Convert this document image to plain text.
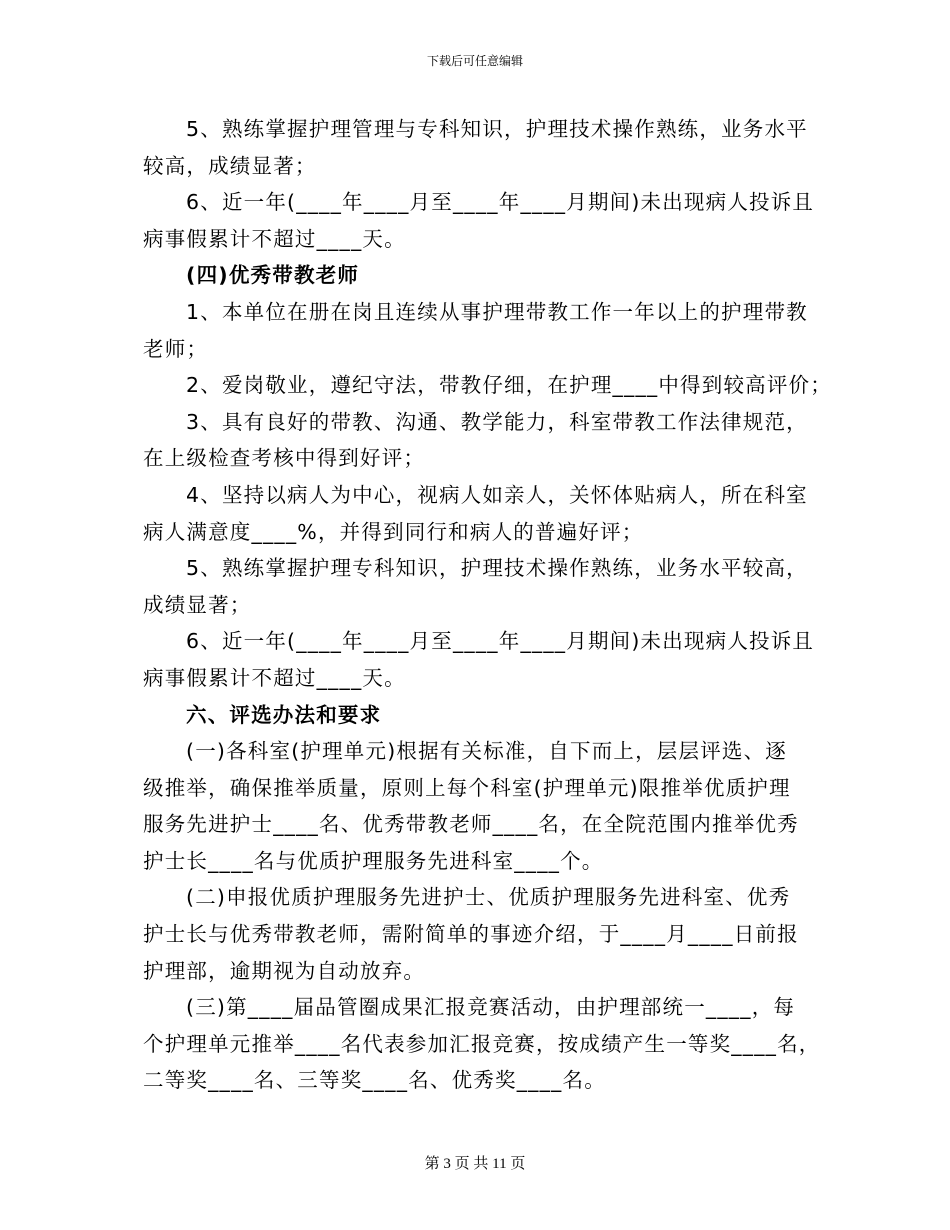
下载后可任意编辑

5、熟练掌握护理管理与专科知识，护理技术操作熟练，业务水平

较高，成绩显著；

6、近一年(____年____月至____年____月期间)未出现病人投诉且

病事假累计不超过____天。

(四)优秀带教老师

1、本单位在册在岗且连续从事护理带教工作一年以上的护理带教

老师；

2、爱岗敬业，遵纪守法，带教仔细，在护理____中得到较高评价；

3、具有良好的带教、沟通、教学能力，科室带教工作法律规范，

在上级检查考核中得到好评；

4、坚持以病人为中心，视病人如亲人，关怀体贴病人，所在科室

病人满意度____%，并得到同行和病人的普遍好评；

5、熟练掌握护理专科知识，护理技术操作熟练，业务水平较高，

成绩显著；

6、近一年(____年____月至____年____月期间)未出现病人投诉且

病事假累计不超过____天。

六、评选办法和要求

(一)各科室(护理单元)根据有关标准，自下而上，层层评选、逐

级推举，确保推举质量，原则上每个科室(护理单元)限推举优质护理

服务先进护士____名、优秀带教老师____名，在全院范围内推举优秀

护士长____名与优质护理服务先进科室____个。

(二)申报优质护理服务先进护士、优质护理服务先进科室、优秀

护士长与优秀带教老师，需附简单的事迹介绍，于____月____日前报

护理部，逾期视为自动放弃。

(三)第____届品管圈成果汇报竞赛活动，由护理部统一____，每

个护理单元推举____名代表参加汇报竞赛，按成绩产生一等奖____名，

二等奖____名、三等奖____名、优秀奖____名。

第 3 页 共 11 页
